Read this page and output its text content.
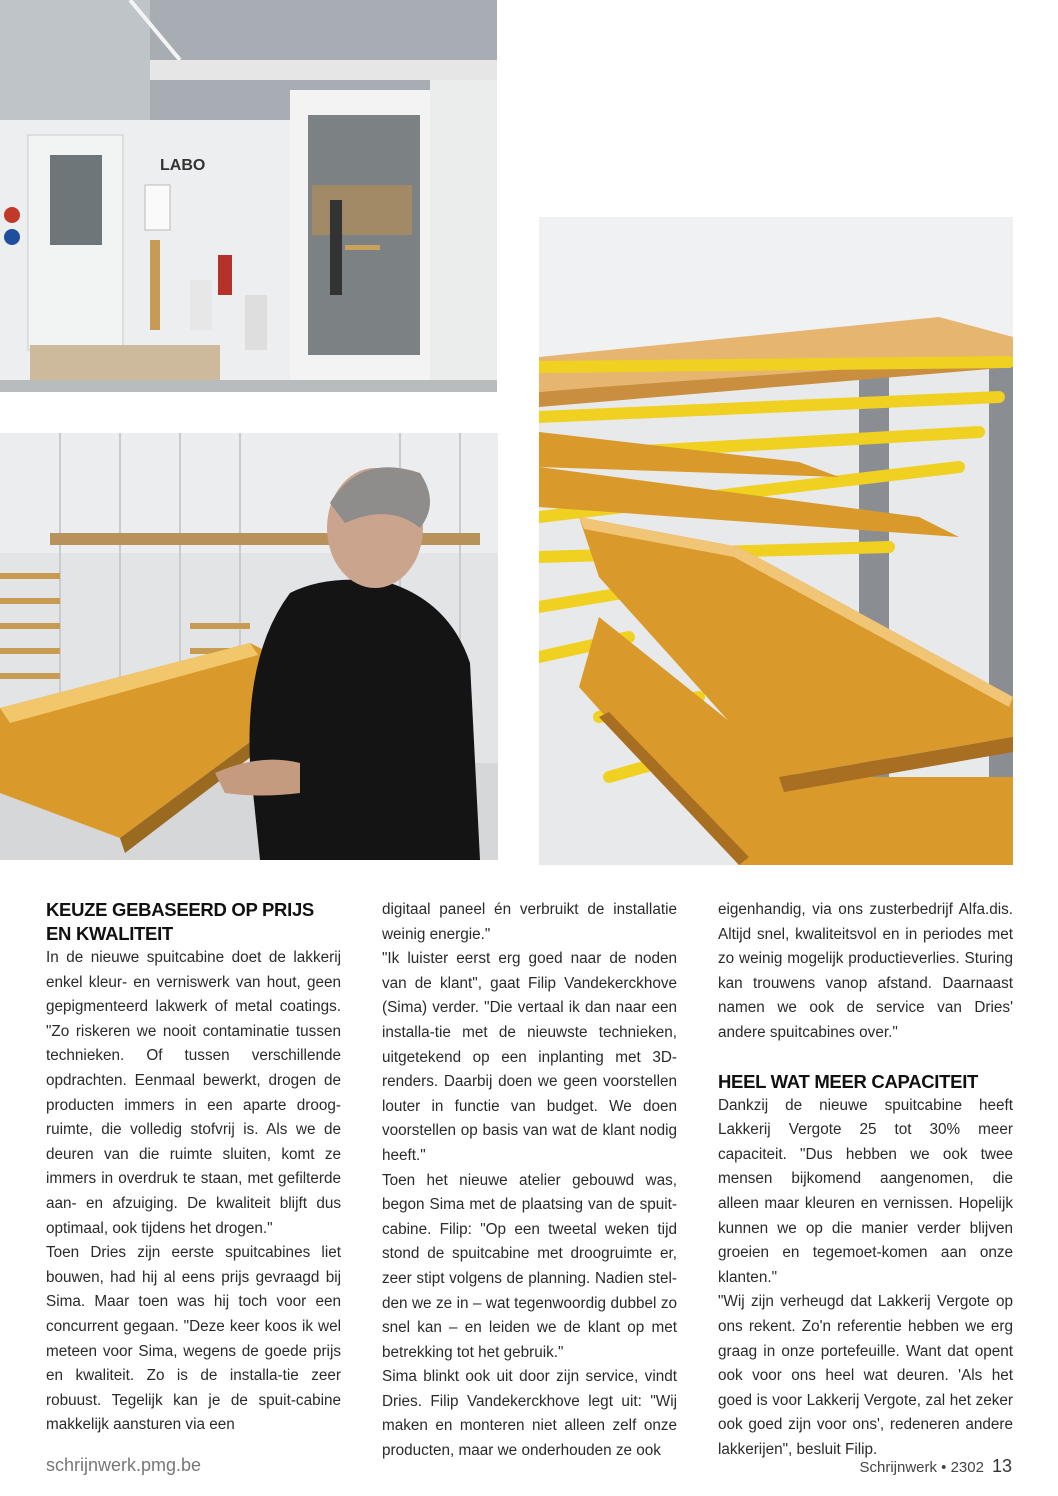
LABO
KEUZE GEBASEERD OP PRIJS EN KWALITEIT

In de nieuwe spuitcabine doet de lakkerij enkel kleur- en verniswerk van hout, geen gepigmenteerd lakwerk of metal coatings. "Zo riskeren we nooit contaminatie tussen technieken. Of tussen verschillende opdrachten. Eenmaal bewerkt, drogen de producten immers in een aparte droog-ruimte, die volledig stofvrij is. Als we de deuren van die ruimte sluiten, komt ze immers in overdruk te staan, met gefilterde aan- en afzuiging. De kwaliteit blijft dus optimaal, ook tijdens het drogen."

Toen Dries zijn eerste spuitcabines liet bouwen, had hij al eens prijs gevraagd bij Sima. Maar toen was hij toch voor een concurrent gegaan. "Deze keer koos ik wel meteen voor Sima, wegens de goede prijs en kwaliteit. Zo is de installa-tie zeer robuust. Tegelijk kan je de spuit-cabine makkelijk aansturen via een

digitaal paneel én verbruikt de installatie weinig energie."

"Ik luister eerst erg goed naar de noden van de klant", gaat Filip Vandekerckhove (Sima) verder. "Die vertaal ik dan naar een installa-tie met de nieuwste technieken, uitgetekend op een inplanting met 3D-renders. Daarbij doen we geen voorstellen louter in functie van budget. We doen voorstellen op basis van wat de klant nodig heeft."

Toen het nieuwe atelier gebouwd was, begon Sima met de plaatsing van de spuit-cabine. Filip: "Op een tweetal weken tijd stond de spuitcabine met droogruimte er, zeer stipt volgens de planning. Nadien stel-den we ze in – wat tegenwoordig dubbel zo snel kan – en leiden we de klant op met betrekking tot het gebruik."

Sima blinkt ook uit door zijn service, vindt Dries. Filip Vandekerckhove legt uit: "Wij maken en monteren niet alleen zelf onze producten, maar we onderhouden ze ook

eigenhandig, via ons zusterbedrijf Alfa.dis. Altijd snel, kwaliteitsvol en in periodes met zo weinig mogelijk productieverlies. Sturing kan trouwens vanop afstand. Daarnaast namen we ook de service van Dries' andere spuitcabines over."

HEEL WAT MEER CAPACITEIT

Dankzij de nieuwe spuitcabine heeft Lakkerij Vergote 25 tot 30% meer capaciteit. "Dus hebben we ook twee mensen bijkomend aangenomen, die alleen maar kleuren en vernissen. Hopelijk kunnen we op die manier verder blijven groeien en tegemoet-komen aan onze klanten."

"Wij zijn verheugd dat Lakkerij Vergote op ons rekent. Zo'n referentie hebben we erg graag in onze portefeuille. Want dat opent ook voor ons heel wat deuren. 'Als het goed is voor Lakkerij Vergote, zal het zeker ook goed zijn voor ons', redeneren andere lakkerijen", besluit Filip.

schrijnwerk.pmg.be	Schrijnwerk • 2302 13
